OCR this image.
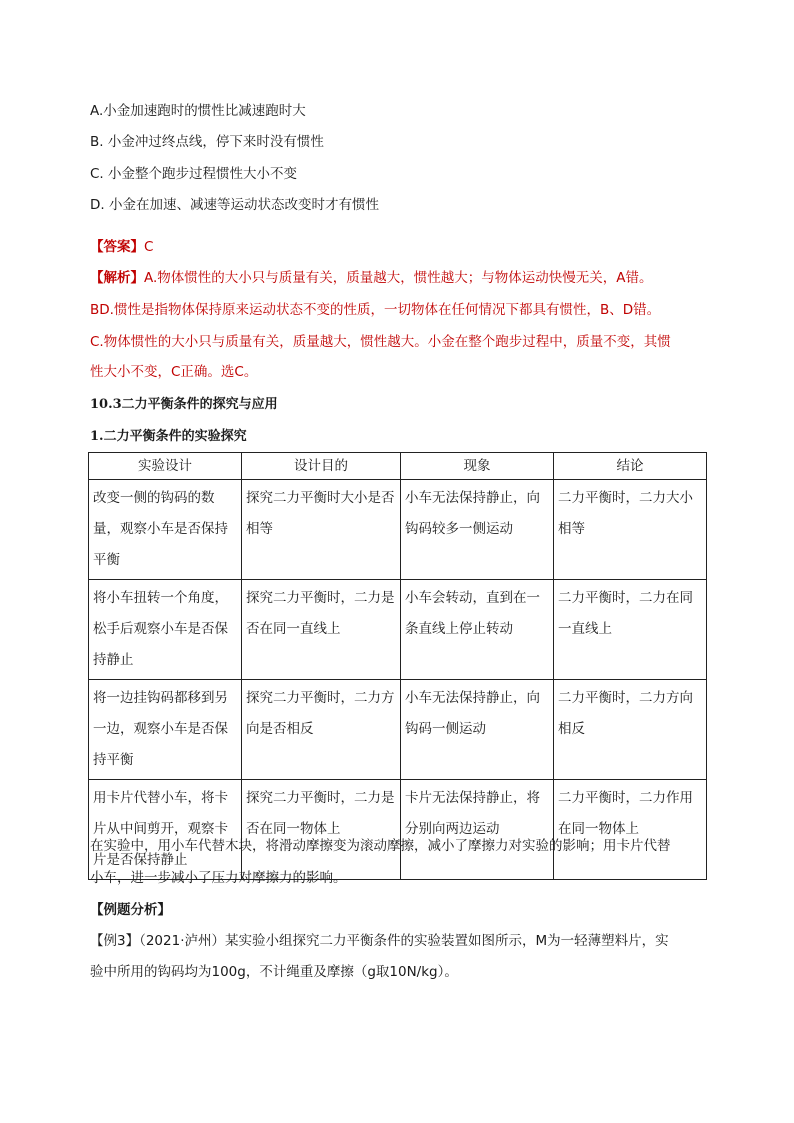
A.小金加速跑时的惯性比减速跑时大
B. 小金冲过终点线，停下来时没有惯性
C. 小金整个跑步过程惯性大小不变
D. 小金在加速、减速等运动状态改变时才有惯性
【答案】C
【解析】A.物体惯性的大小只与质量有关，质量越大，惯性越大；与物体运动快慢无关，A错。
BD.惯性是指物体保持原来运动状态不变的性质，一切物体在任何情况下都具有惯性，B、D错。
C.物体惯性的大小只与质量有关，质量越大，惯性越大。小金在整个跑步过程中，质量不变，其惯
性大小不变，C正确。选C。
10.3二力平衡条件的探究与应用
1.二力平衡条件的实验探究
实验设计	设计目的	现象	结论
改变一侧的钩码的数量，观察小车是否保持平衡	探究二力平衡时大小是否相等	小车无法保持静止，向钩码较多一侧运动	二力平衡时，二力大小相等
将小车扭转一个角度，松手后观察小车是否保持静止	探究二力平衡时，二力是否在同一直线上	小车会转动，直到在一条直线上停止转动	二力平衡时，二力在同一直线上
将一边挂钩码都移到另一边，观察小车是否保持平衡	探究二力平衡时，二力方向是否相反	小车无法保持静止，向钩码一侧运动	二力平衡时，二力方向相反
用卡片代替小车，将卡片从中间剪开，观察卡片是否保持静止	探究二力平衡时，二力是否在同一物体上	卡片无法保持静止，将分别向两边运动	二力平衡时，二力作用在同一物体上
在实验中，用小车代替木块，将滑动摩擦变为滚动摩擦，减小了摩擦力对实验的影响；用卡片代替
小车，进一步减小了压力对摩擦力的影响。
【例题分析】
【例3】（2021·泸州）某实验小组探究二力平衡条件的实验装置如图所示，M为一轻薄塑料片，实
验中所用的钩码均为100g，不计绳重及摩擦（g取10N/kg）。
